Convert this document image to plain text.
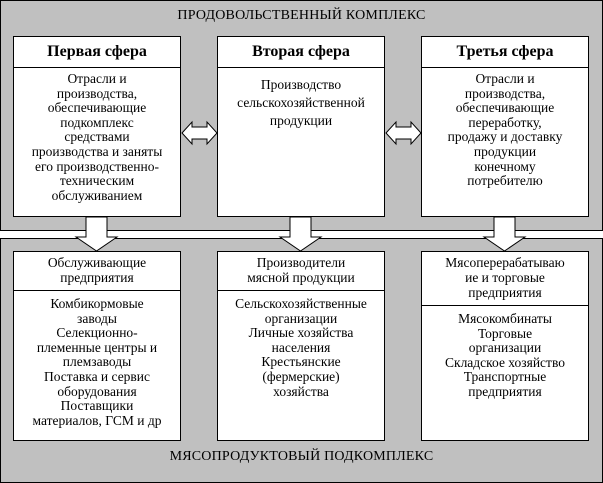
ПРОДОВОЛЬСТВЕННЫЙ КОМПЛЕКС
МЯСОПРОДУКТОВЫЙ ПОДКОМПЛЕКС
Первая сфера
Отрасли и
производства,
обеспечивающие
подкомплекс
средствами
производства и заняты
его производственно-
техническим
обслуживанием
Вторая сфера
Производство
сельскохозяйственной
продукции
Третья сфера
Отрасли и
производства,
обеспечивающие
переработку,
продажу и доставку
продукции
конечному
потребителю
Обслуживающие
предприятия
Комбикормовые
заводы
Селекционно-
племенные центры и
племзаводы
Поставка и сервис
оборудования
Поставщики
материалов, ГСМ и др
Производители
мясной продукции
Сельскохозяйственные
организации
Личные хозяйства
населения
Крестьянские
(фермерские)
хозяйства
Мясоперерабатываю
ие и торговые
предприятия
Мясокомбинаты
Торговые
организации
Складское хозяйство
Транспортные
предприятия
